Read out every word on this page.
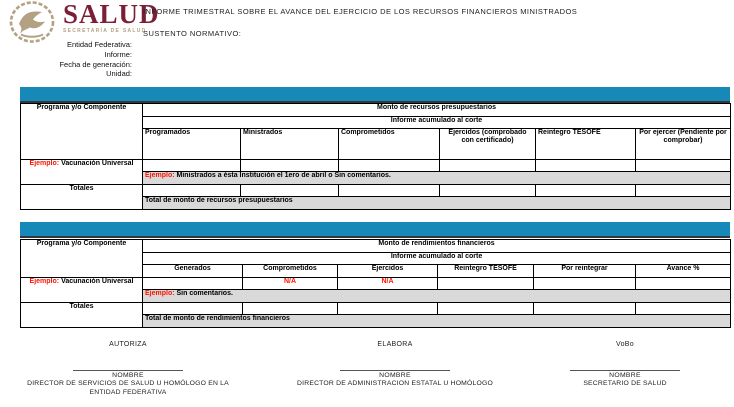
SALUD
SECRETARÍA DE SALUD
INFORME TRIMESTRAL SOBRE EL AVANCE DEL EJERCICIO DE LOS RECURSOS FINANCIEROS MINISTRADOS
SUSTENTO NORMATIVO:
Entidad Federativa:
Informe:
Fecha de generación:
Unidad:
Programa y/o Componente	Monto de recursos presupuestarios					
	Informe acumulado al corte					
	Programados	Ministrados	Comprometidos	Ejercidos (comprobado con certificado)	Reintegro TESOFE	Por ejercer (Pendiente por comprobar)
Ejemplo: Vacunación Universal						
	Ejemplo: Ministrados a ésta Institución el 1ero de abril o Sin comentarios.					
Totales						
	Total de monto de recursos presupuestarios					
Programa y/o Componente	Monto de rendimientos financieros					
	Informe acumulado al corte					
	Generados	Comprometidos	Ejercidos	Reintegro TESOFE	Por reintegrar	Avance %
Ejemplo: Vacunación Universal		N/A	N/A			
	Ejemplo: Sin comentarios.					
Totales						
	Total de monto de rendimientos financieros					
AUTORIZA
NOMBRE
DIRECTOR DE SERVICIOS DE SALUD U HOMÓLOGO EN LA ENTIDAD FEDERATIVA
ELABORA
NOMBRE
DIRECTOR DE ADMINISTRACION ESTATAL U HOMÓLOGO
VoBo
NOMBRE
SECRETARIO DE SALUD
